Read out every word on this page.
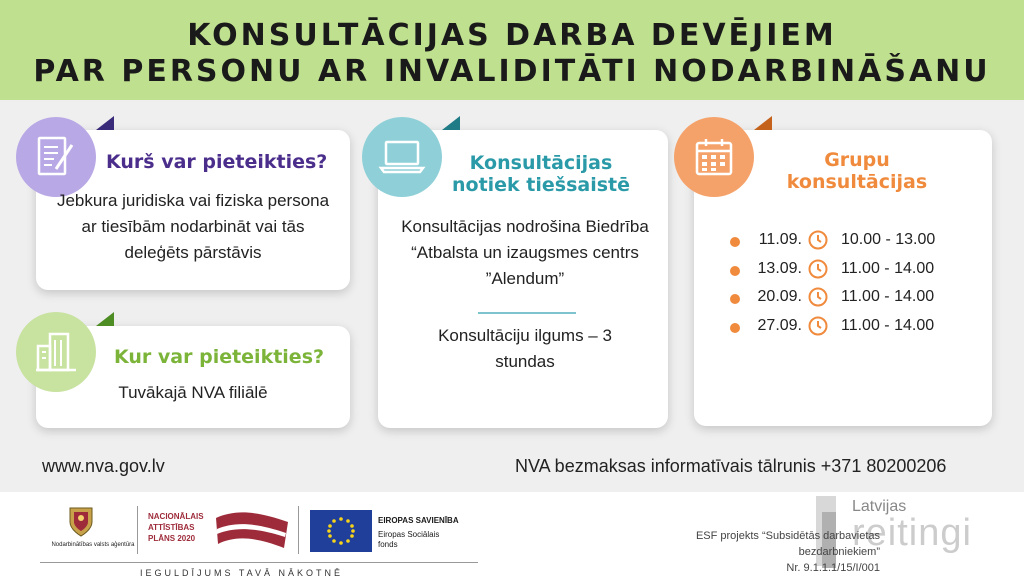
KONSULTĀCIJAS DARBA DEVĒJIEM
PAR PERSONU AR INVALIDITĀTI NODARBINĀŠANU
Kurš var pieteikties?
Jebkura juridiska vai fiziska persona ar tiesībām nodarbināt vai tās deleģēts pārstāvis
Kur var pieteikties?
Tuvākajā NVA filiālē
Konsultācijas
notiek tiešsaistē
Konsultācijas nodrošina Biedrība “Atbalsta un izaugsmes centrs ”Alendum”
Konsultāciju ilgums – 3 stundas
Grupu
konsultācijas
11.09. 10.00 - 13.00
13.09. 11.00 - 14.00
20.09. 11.00 - 14.00
27.09. 11.00 - 14.00
www.nva.gov.lv	NVA bezmaksas informatīvais tālrunis +371 80200206
Nodarbinātības valsts aģentūra
NACIONĀLAIS
ATTĪSTĪBAS
PLĀNS 2020
EIROPAS SAVIENĪBA
Eiropas Sociālais
fonds
IEGULDĪJUMS TAVĀ NĀKOTNĒ
Latvijas
reitingi
ESF projekts “Subsidētās darbavietas bezdarbniekiem”
Nr. 9.1.1.1/15/I/001
